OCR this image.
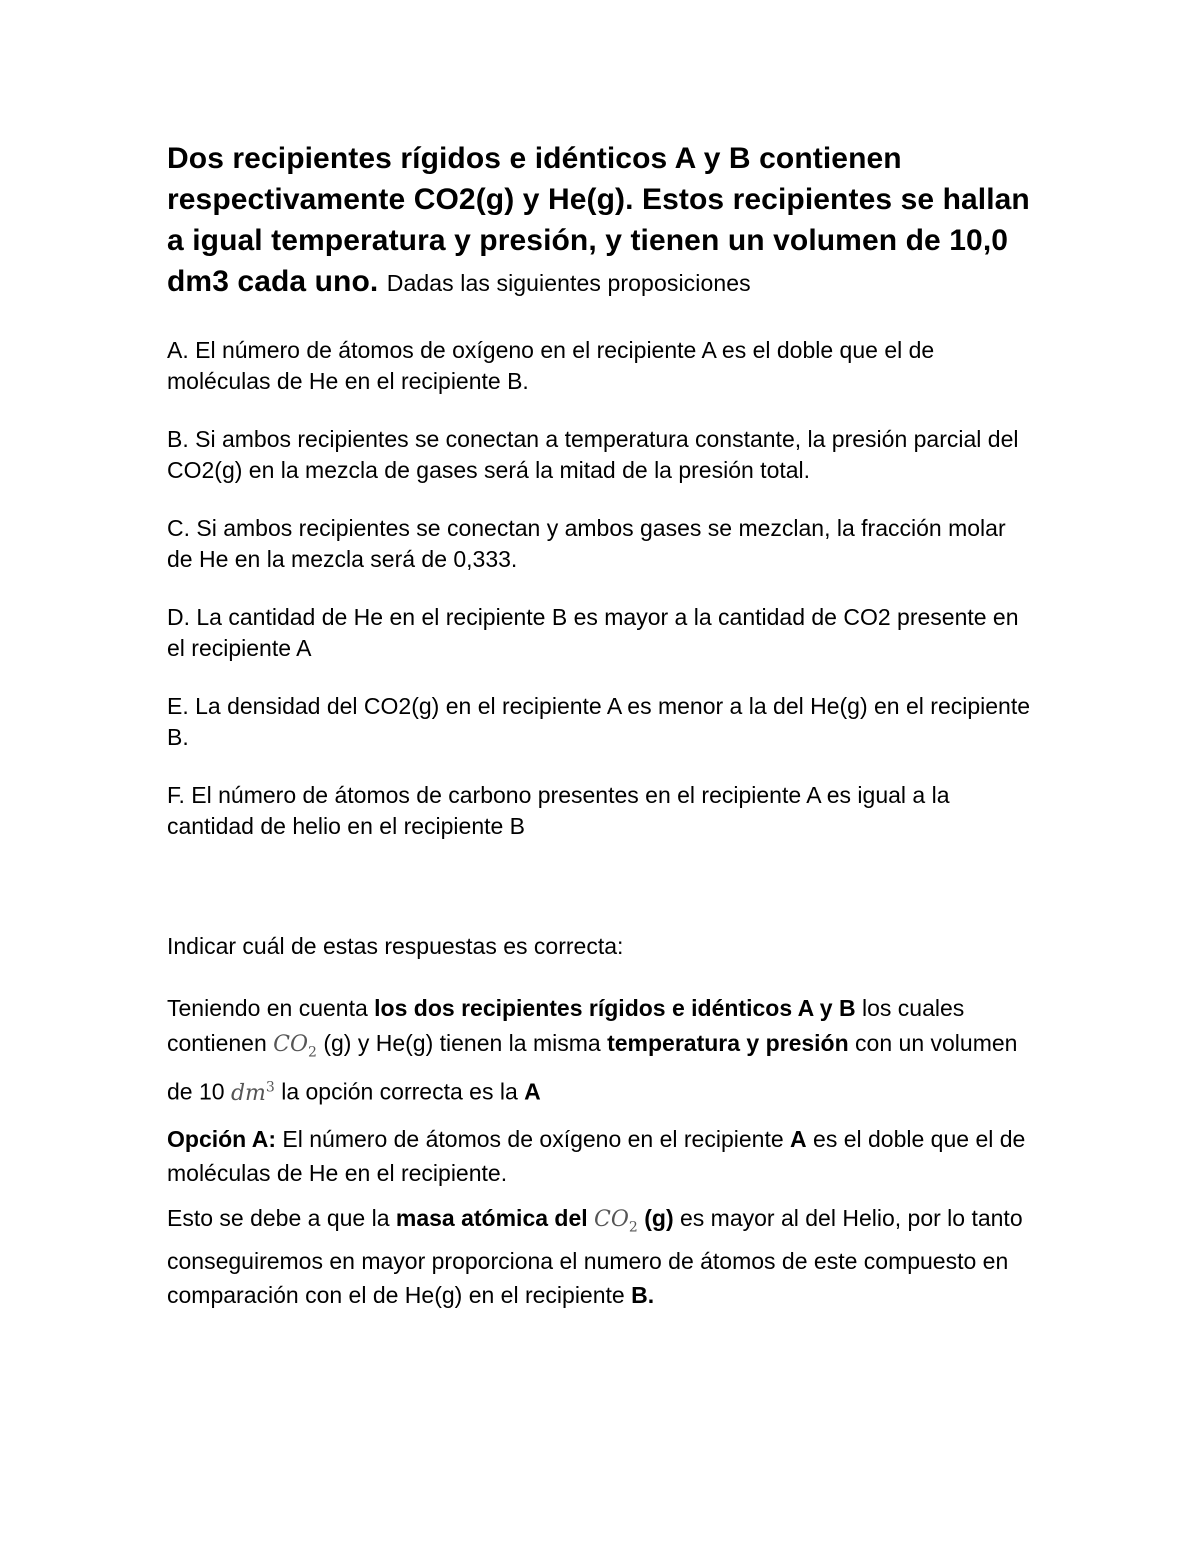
Dos recipientes rígidos e idénticos A y B contienen respectivamente CO2(g) y He(g). Estos recipientes se hallan a igual temperatura y presión, y tienen un volumen de 10,0 dm3 cada uno. Dadas las siguientes proposiciones

A. El número de átomos de oxígeno en el recipiente A es el doble que el de moléculas de He en el recipiente B.

B. Si ambos recipientes se conectan a temperatura constante, la presión parcial del CO2(g) en la mezcla de gases será la mitad de la presión total.

C. Si ambos recipientes se conectan y ambos gases se mezclan, la fracción molar de He en la mezcla será de 0,333.

D. La cantidad de He en el recipiente B es mayor a la cantidad de CO2 presente en el recipiente A

E. La densidad del CO2(g) en el recipiente A es menor a la del He(g) en el recipiente B.

F. El número de átomos de carbono presentes en el recipiente A es igual a la cantidad de helio en el recipiente B

Indicar cuál de estas respuestas es correcta:

Teniendo en cuenta los dos recipientes rígidos e idénticos A y B los cuales contienen $CO_2$ (g) y He(g) tienen la misma temperatura y presión con un volumen de 10 $dm^3$ la opción correcta es la A

Opción A: El número de átomos de oxígeno en el recipiente A es el doble que el de moléculas de He en el recipiente.

Esto se debe a que la masa atómica del $CO_2$ (g) es mayor al del Helio, por lo tanto conseguiremos en mayor proporciona el numero de átomos de este compuesto en comparación con el de He(g) en el recipiente B.
